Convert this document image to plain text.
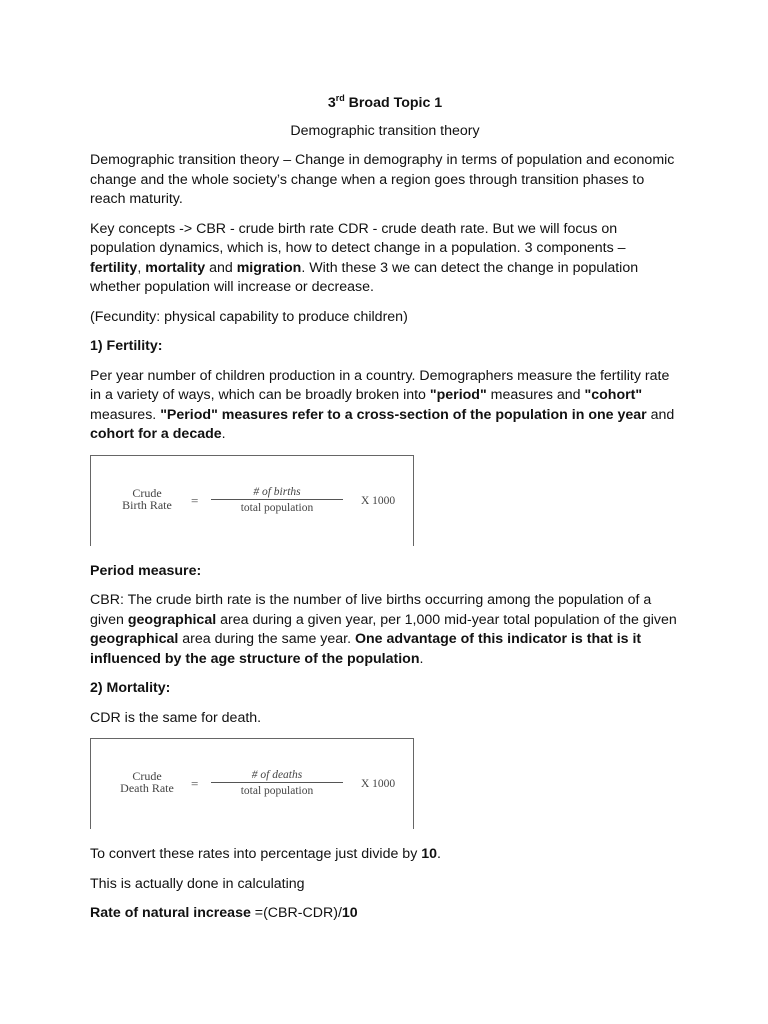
3rd Broad Topic 1

Demographic transition theory

Demographic transition theory – Change in demography in terms of population and economic change and the whole society’s change when a region goes through transition phases to reach maturity.

Key concepts -> CBR - crude birth rate CDR - crude death rate. But we will focus on population dynamics, which is, how to detect change in a population. 3 components – fertility, mortality and migration. With these 3 we can detect the change in population whether population will increase or decrease.

(Fecundity: physical capability to produce children)

1) Fertility:

Per year number of children production in a country. Demographers measure the fertility rate in a variety of ways, which can be broadly broken into "period" measures and "cohort" measures. "Period" measures refer to a cross-section of the population in one year and cohort for a decade.

Crude
Birth Rate	=
# of births
total population
X 1000

Period measure:

CBR: The crude birth rate is the number of live births occurring among the population of a given geographical area during a given year, per 1,000 mid-year total population of the given geographical area during the same year. One advantage of this indicator is that is it influenced by the age structure of the population.

2) Mortality:

CDR is the same for death.

Crude
Death Rate	=
# of deaths
total population
X 1000

To convert these rates into percentage just divide by 10.

This is actually done in calculating

Rate of natural increase =(CBR-CDR)/10
